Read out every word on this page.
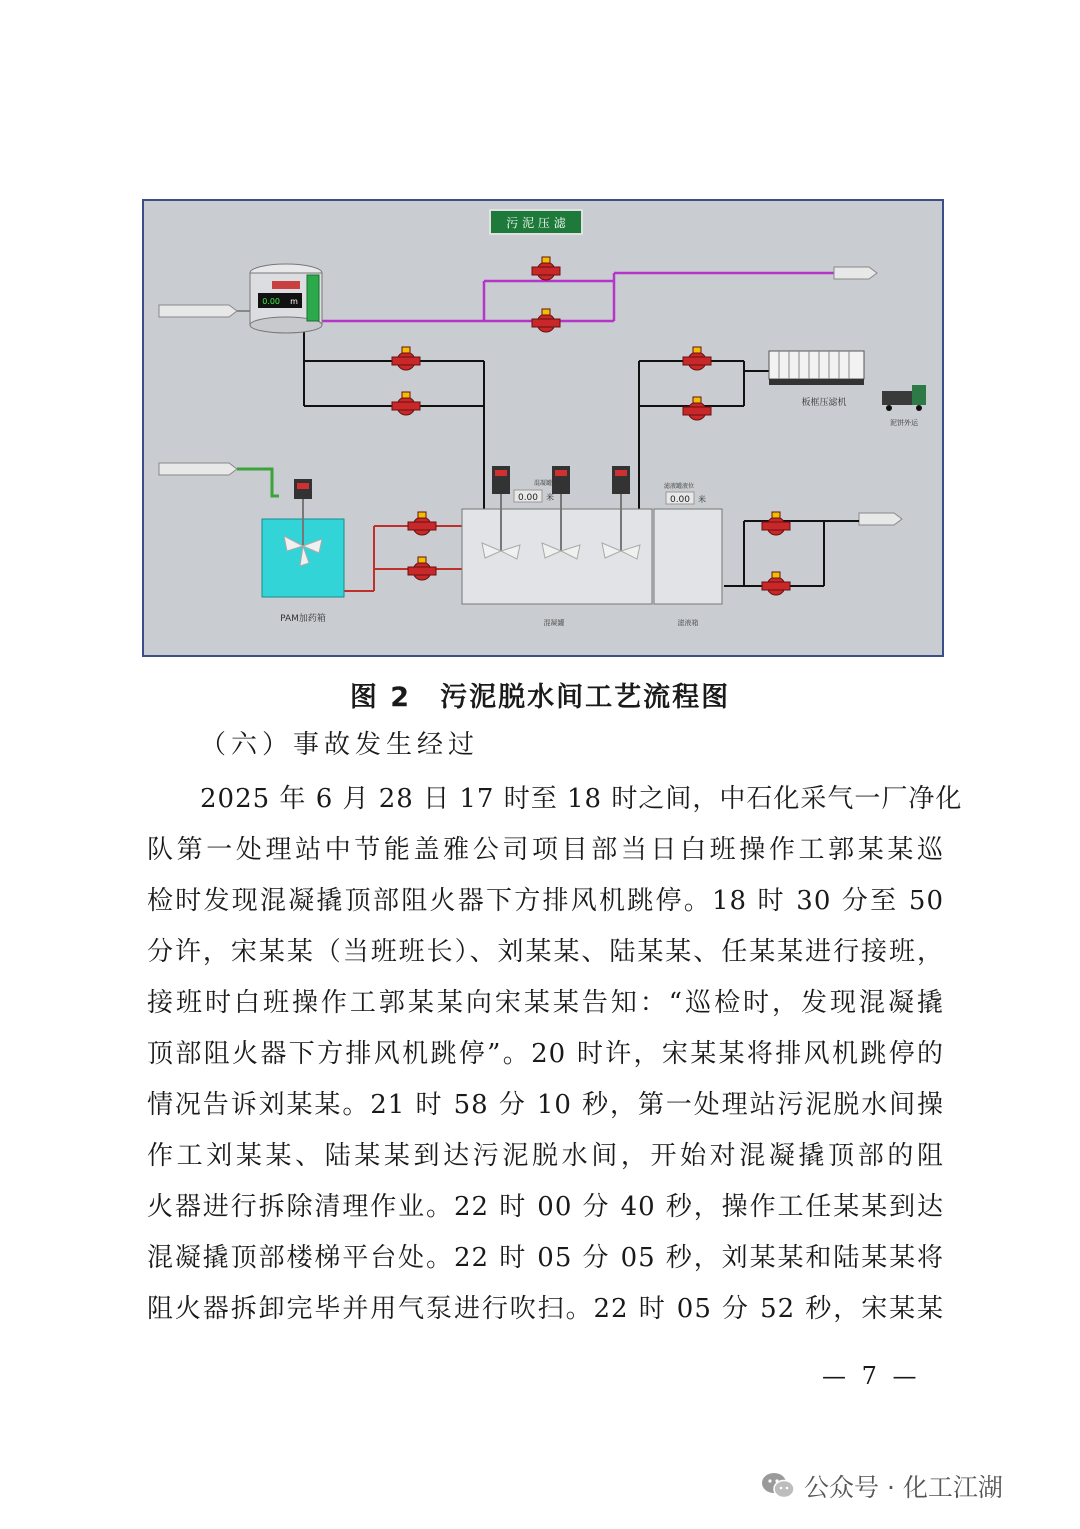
污 泥 压 滤
0.00 m
板框压滤机
泥饼外运
PAM加药箱
混凝罐液位
0.00 米
混凝罐
滤液罐液位
0.00 米
滤液箱
图 2　污泥脱水间工艺流程图
（六）事故发生经过
2025 年 6 月 28 日 17 时至 18 时之间，中石化采气一厂净化
队第一处理站中节能盖雅公司项目部当日白班操作工郭某某巡
检时发现混凝撬顶部阻火器下方排风机跳停。18 时 30 分至 50
分许，宋某某（当班班长）、刘某某、陆某某、任某某进行接班，
接班时白班操作工郭某某向宋某某告知：“巡检时，发现混凝撬
顶部阻火器下方排风机跳停”。20 时许，宋某某将排风机跳停的
情况告诉刘某某。21 时 58 分 10 秒，第一处理站污泥脱水间操
作工刘某某、陆某某到达污泥脱水间，开始对混凝撬顶部的阻
火器进行拆除清理作业。22 时 00 分 40 秒，操作工任某某到达
混凝撬顶部楼梯平台处。22 时 05 分 05 秒，刘某某和陆某某将
阻火器拆卸完毕并用气泵进行吹扫。22 时 05 分 52 秒，宋某某
— 7 —
公众号 · 化工江湖
